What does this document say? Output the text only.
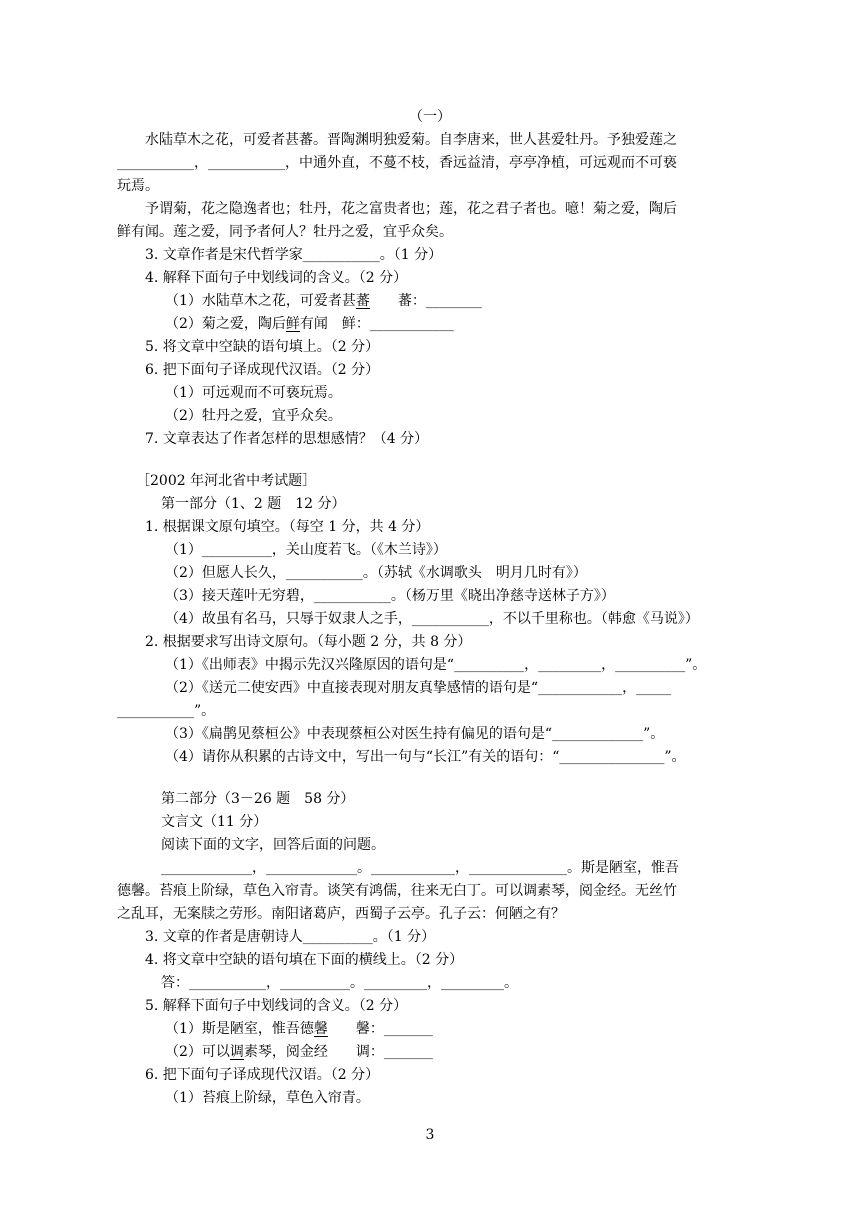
（一）
水陆草木之花，可爱者甚蕃。晋陶渊明独爱菊。自李唐来，世人甚爱牡丹。予独爱莲之
___________，___________，中通外直，不蔓不枝，香远益清，亭亭净植，可远观而不可亵
玩焉。
予谓菊，花之隐逸者也；牡丹，花之富贵者也；莲，花之君子者也。噫！菊之爱，陶后
鲜有闻。莲之爱，同予者何人？牡丹之爱，宜乎众矣。
3. 文章作者是宋代哲学家___________。（1 分）
4. 解释下面句子中划线词的含义。（2 分）
（1）水陆草木之花，可爱者甚蕃　　蕃：________
（2）菊之爱，陶后鲜有闻　鲜：____________
5. 将文章中空缺的语句填上。（2 分）
6. 把下面句子译成现代汉语。（2 分）
（1）可远观而不可亵玩焉。
（2）牡丹之爱，宜乎众矣。
7. 文章表达了作者怎样的思想感情？（4 分）
［2002 年河北省中考试题］
第一部分（1、2 题　12 分）
1. 根据课文原句填空。（每空 1 分，共 4 分）
（1）__________，关山度若飞。（《木兰诗》）
（2）但愿人长久，___________。（苏轼《水调歌头　明月几时有》）
（3）接天莲叶无穷碧，___________。（杨万里《晓出净慈寺送林子方》）
（4）故虽有名马，只辱于奴隶人之手，___________，不以千里称也。（韩愈《马说》）
2. 根据要求写出诗文原句。（每小题 2 分，共 8 分）
（1）《出师表》中揭示先汉兴隆原因的语句是“__________，_________，__________”。
（2）《送元二使安西》中直接表现对朋友真挚感情的语句是“____________，_____
___________”。
（3）《扁鹊见蔡桓公》中表现蔡桓公对医生持有偏见的语句是“_____________”。
（4）请你从积累的古诗文中，写出一句与“长江”有关的语句：“_______________”。
第二部分（3－26 题　58 分）
文言文（11 分）
阅读下面的文字，回答后面的问题。
_____________，_____________。____________，______________。斯是陋室，惟吾
德馨。苔痕上阶绿，草色入帘青。谈笑有鸿儒，往来无白丁。可以调素琴，阅金经。无丝竹
之乱耳，无案牍之劳形。南阳诸葛庐，西蜀子云亭。孔子云：何陋之有？
3. 文章的作者是唐朝诗人__________。（1 分）
4. 将文章中空缺的语句填在下面的横线上。（2 分）
答：___________，__________。_________，_________。
5. 解释下面句子中划线词的含义。（2 分）
（1）斯是陋室，惟吾德馨　　馨：_______
（2）可以调素琴，阅金经　　调：_______
6. 把下面句子译成现代汉语。（2 分）
（1）苔痕上阶绿，草色入帘青。
3
